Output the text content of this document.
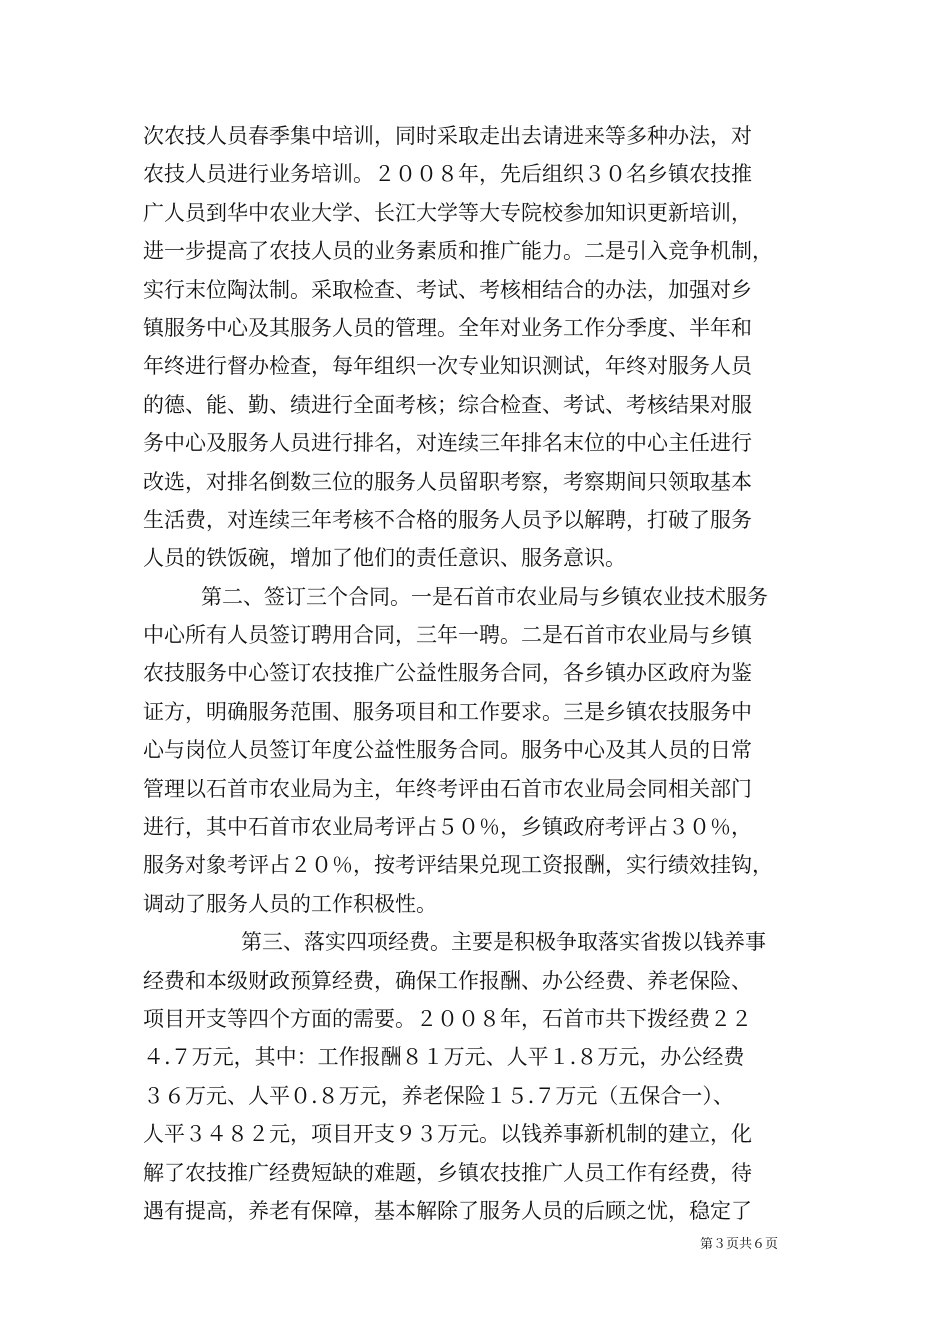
次农技人员春季集中培训，同时采取走出去请进来等多种办法，对
农技人员进行业务培训。２００８年，先后组织３０名乡镇农技推
广人员到华中农业大学、长江大学等大专院校参加知识更新培训，
进一步提高了农技人员的业务素质和推广能力。二是引入竞争机制，
实行末位陶汰制。采取检查、考试、考核相结合的办法，加强对乡
镇服务中心及其服务人员的管理。全年对业务工作分季度、半年和
年终进行督办检查，每年组织一次专业知识测试，年终对服务人员
的德、能、勤、绩进行全面考核；综合检查、考试、考核结果对服
务中心及服务人员进行排名，对连续三年排名末位的中心主任进行
改选，对排名倒数三位的服务人员留职考察，考察期间只领取基本
生活费，对连续三年考核不合格的服务人员予以解聘，打破了服务
人员的铁饭碗，增加了他们的责任意识、服务意识。
第二、签订三个合同。一是石首市农业局与乡镇农业技术服务
中心所有人员签订聘用合同，三年一聘。二是石首市农业局与乡镇
农技服务中心签订农技推广公益性服务合同，各乡镇办区政府为鉴
证方，明确服务范围、服务项目和工作要求。三是乡镇农技服务中
心与岗位人员签订年度公益性服务合同。服务中心及其人员的日常
管理以石首市农业局为主，年终考评由石首市农业局会同相关部门
进行，其中石首市农业局考评占５０％，乡镇政府考评占３０％，
服务对象考评占２０％，按考评结果兑现工资报酬，实行绩效挂钩，
调动了服务人员的工作积极性。
第三、落实四项经费。主要是积极争取落实省拨以钱养事
经费和本级财政预算经费，确保工作报酬、办公经费、养老保险、
项目开支等四个方面的需要。２００８年，石首市共下拨经费２２
４.７万元，其中：工作报酬８１万元、人平１.８万元，办公经费
３６万元、人平０.８万元，养老保险１５.７万元（五保合一）、
人平３４８２元，项目开支９３万元。以钱养事新机制的建立，化
解了农技推广经费短缺的难题，乡镇农技推广人员工作有经费，待
遇有提高，养老有保障，基本解除了服务人员的后顾之忧，稳定了
第３页共６页
